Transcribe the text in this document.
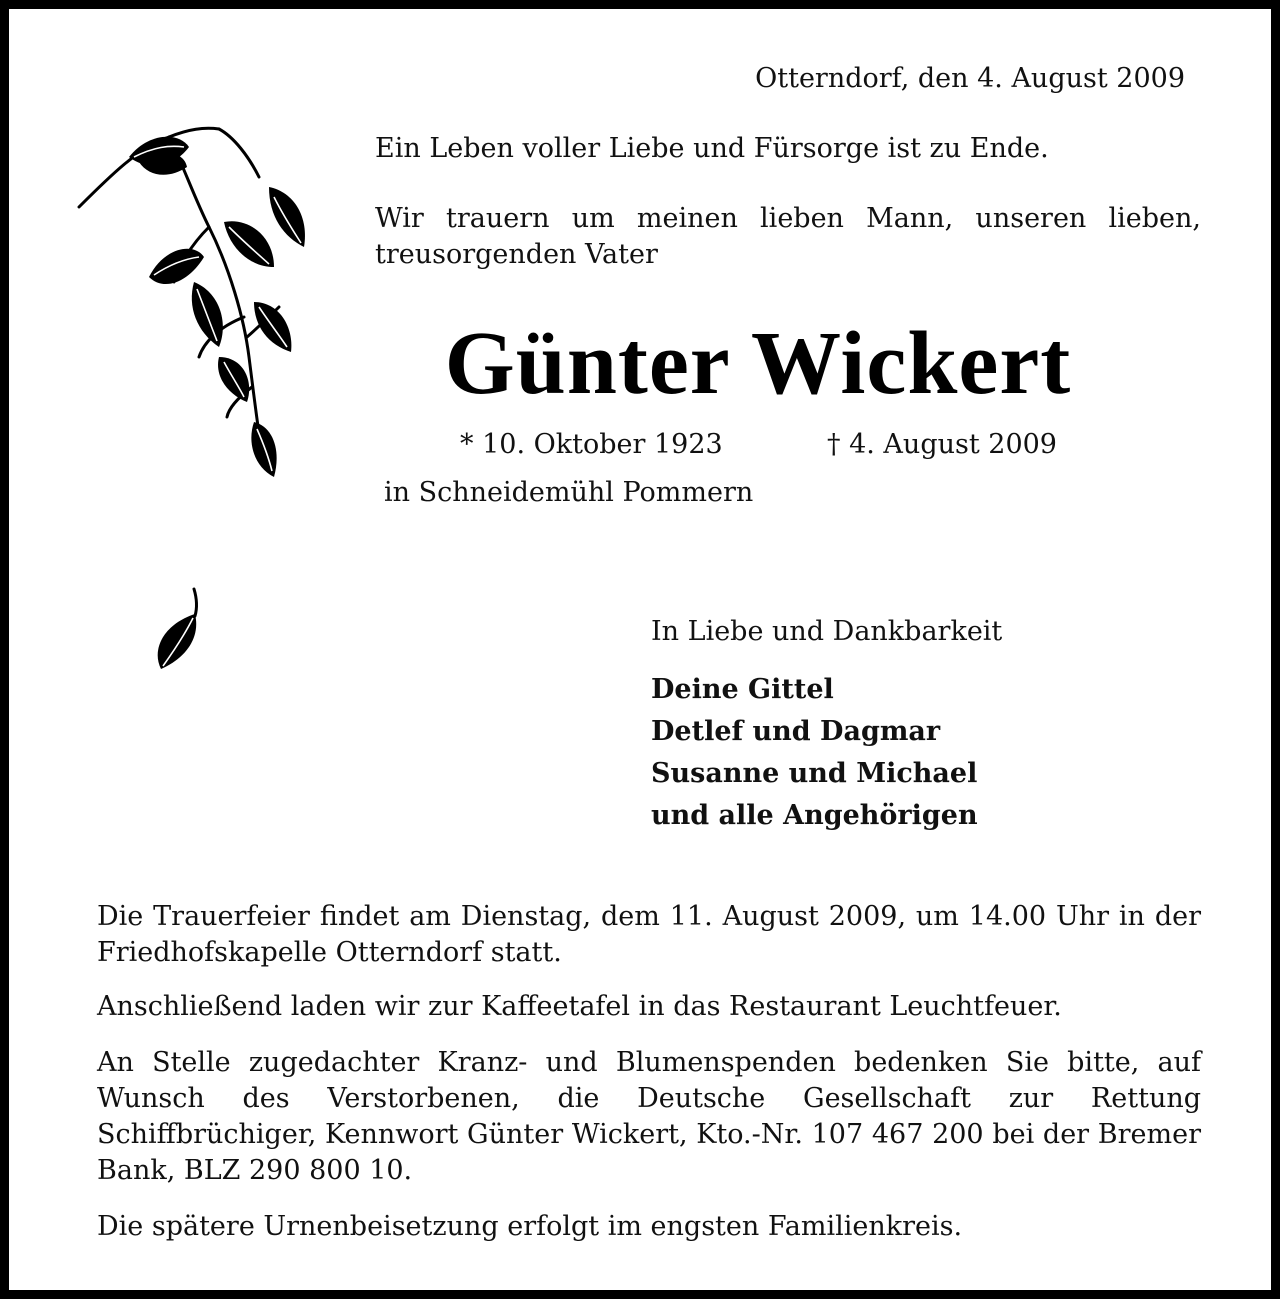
Otterndorf, den 4. August 2009

Ein Leben voller Liebe und Fürsorge ist zu Ende.

Wir trauern um meinen lieben Mann, unseren lieben, treusorgenden Vater

Günter Wickert

* 10. Oktober 1923	† 4. August 2009

in Schneidemühl Pommern

In Liebe und Dankbarkeit

Deine Gittel
Detlef und Dagmar
Susanne und Michael
und alle Angehörigen

Die Trauerfeier findet am Dienstag, dem 11. August 2009, um 14.00 Uhr in der Friedhofskapelle Otterndorf statt.

Anschließend laden wir zur Kaffeetafel in das Restaurant Leuchtfeuer.

An Stelle zugedachter Kranz- und Blumenspenden bedenken Sie bitte, auf Wunsch des Verstorbenen, die Deutsche Gesellschaft zur Rettung Schiffbrüchiger, Kennwort Günter Wickert, Kto.-Nr. 107 467 200 bei der Bremer Bank, BLZ 290 800 10.

Die spätere Urnenbeisetzung erfolgt im engsten Familienkreis.
